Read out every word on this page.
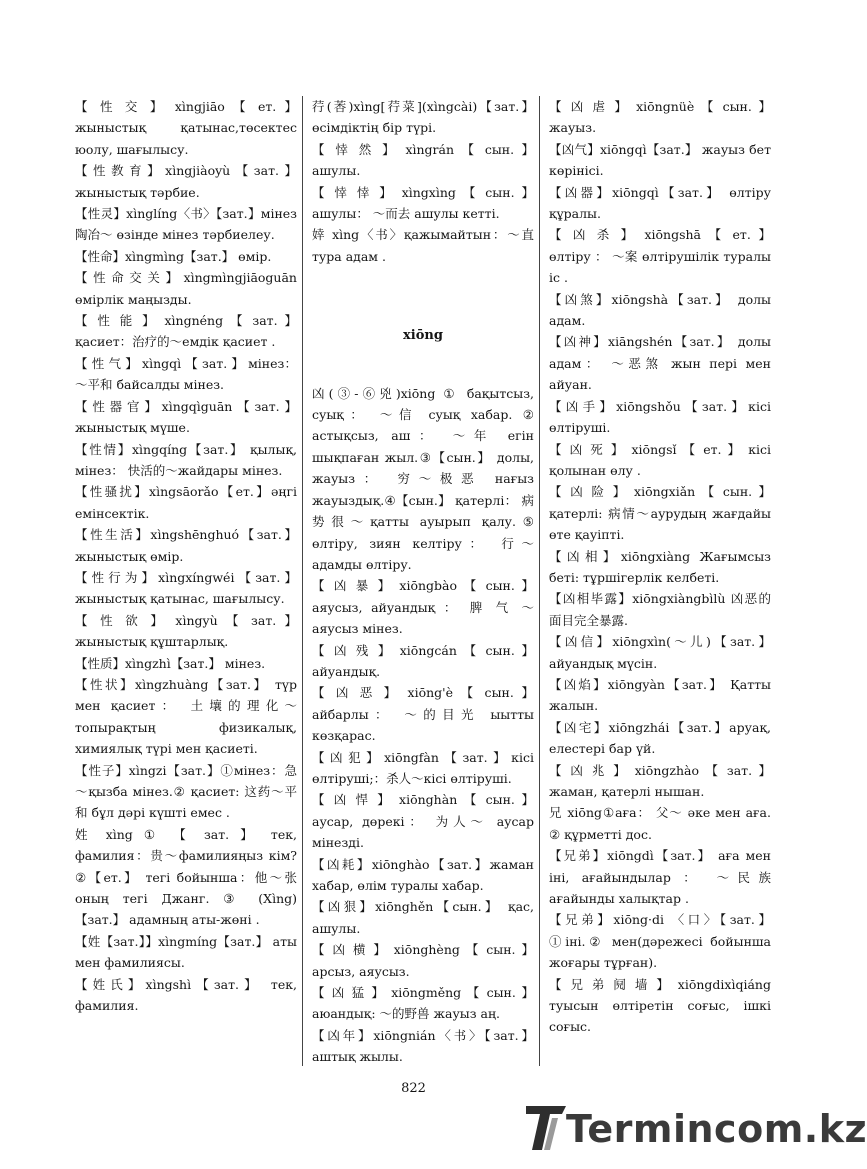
【 性 交 】 xìngjiāo 【 ет. 】 жыныстық қатынас,төсектес юолу, шағылысу.

【性教育】xìngjiàoyù【зат.】жыныстық тәрбие.

【性灵】xìnglíng〈书〉【зат.】мінез 陶冶～ өзінде мінез тәрбиелеу.

【性命】xìngmìng【зат.】 өмір.

【性命交关】xìngmìngjiāoguān өмірлік маңызды.

【 性 能 】 xìngnéng 【 зат. 】 қасиет：治疗的～емдік қасиет .

【 性 气 】 xìngqì 【 зат. 】 мінез： ～平和 байсалды мінез.

【性器官】xìngqìguān【зат.】жыныстық мүше.

【性情】xìngqíng【зат.】 қылық, мінез： 快活的～жайдары мінез.

【性骚扰】xìngsāorǎo【ет.】әңгі емінсектік.

【性生活】xìngshēnghuó【зат.】жыныстық өмір.

【性行为】xìngxíngwéi【зат.】жыныстық қатынас, шағылысу.

【 性 欲 】 xìngyù 【 зат. 】 жыныстық құштарлық.

【性质】xìngzhì【зат.】 мінез.

【性状】xìngzhuàng【зат.】 түр мен қасиет： 土壤的理化～ топырақтың физикалық, химиялық түрі мен қасиеті.

【性子】xìngzi【зат.】①мінез：急～қызба мінез.② қасиет: 这药～平和 бұл дәрі күшті емес .

姓 xìng ① 【 зат. 】 тек, фамилия：贵～фамилияңыз кім? ②【ет.】 тегі бойынша：他～张 оның тегі Джанг. ③ (Xìng)【зат.】 адамның аты-жөні .

【姓【зат.】】xìngmíng【зат.】 аты мен фамилиясы.

【姓氏】xìngshì【зат.】 тек, фамилия.

荇(莕)xìng[荇菜](xìngcài)【зат.】өсімдіктің бір түрі.

【 悻 然 】 xìngrán 【 сын. 】 ашулы.

【 悻 悻 】 xìngxìng 【 сын. 】 ашулы： ～而去 ашулы кетті.

婞 xìng〈书〉қажымайтын：～直 тура адам .

xiōng

凶(③-⑥兇)xiōng ① бақытсыз, суық： ～信 суық хабар. ② астықсыз, аш： ～年 егін шықпаған жыл.③【сын.】 долы, жауыз： 穷～极恶 нағыз жауыздық.④【сын.】 қатерлі： 病势很～қатты ауырып қалу.⑤ өлтіру, зиян келтіру： 行～ адамды өлтіру.

【 凶 暴 】 xiōngbào 【 сын. 】 аяусыз, айуандық ： 脾 气 ～ аяусыз мінез.

【 凶 残 】 xiōngcán 【 сын. 】 айуандық.

【 凶 恶 】 xiōng'è 【 сын. 】 айбарлы： ～的目光 ыытты көзқарас.

【凶犯】xiōngfàn【зат.】кісі өлтіруші;：杀人～кісі өлтіруші.

【 凶 悍 】 xiōnghàn 【 сын. 】 аусар, дөрекі： 为人～ аусар мінезді.

【凶耗】xiōnghào【зат.】жаман хабар, өлім туралы хабар.

【凶狠】xiōnghěn【сын.】 қас, ашулы.

【 凶 横 】 xiōnghèng 【 сын. 】 арсыз, аяусыз.

【 凶 猛 】 xiōngměng 【 сын. 】 аюандық: ～的野兽 жауыз аң.

【凶年】xiōngnián〈书〉【зат.】 аштық жылы.

【 凶 虐 】 xiōngnüè 【 сын. 】 жауыз.

【凶气】xiōngqì【зат.】 жауыз бет көрінісі.

【凶器】xiōngqì【зат.】 өлтіру құралы.

【 凶 杀 】 xiōngshā 【 ет. 】 өлтіру ： ～案 өлтірушілік туралы іс .

【凶煞】xiōngshà【зат.】 долы адам.

【凶神】xiāngshén【зат.】 долы адам： ～恶煞 жын пері мен айуан.

【凶手】xiōngshǒu【зат.】кісі өлтіруші.

【 凶 死 】 xiōngsǐ 【 ет. 】 кісі қолынан өлу .

【 凶 险 】 xiōngxiǎn 【 сын. 】 қатерлі: 病情～аурудың жағдайы өте қауіпті.

【凶相】xiōngxiàng Жағымсыз беті: тұршігерлік келбеті.

【凶相毕露】xiōngxiàngbìlù 凶恶的面目完全暴露.

【凶信】xiōngxìn(～儿)【зат.】айуандық мүсін.

【凶焰】xiōngyàn【зат.】 Қатты жалын.

【凶宅】xiōngzhái【зат.】аруақ, елестері бар үй.

【 凶 兆 】 xiōngzhào 【 зат. 】 жаман, қатерлі нышан.

兄 xiōng①аға： 父～ әке мен аға. ② құрметті дос.

【兄弟】xiōngdì【зат.】 аға мен іні, ағайындылар ： ～民族 ағайынды халықтар .

【兄弟】xiōng·di 〈口〉【зат.】①іні.② мен(дәрежесі бойынша жоғары тұрған).

【 兄 弟 阋 墙 】 xiōngdixìqiáng туысын өлтіретін соғыс, ішкі соғыс.

822
Termincom.kz
